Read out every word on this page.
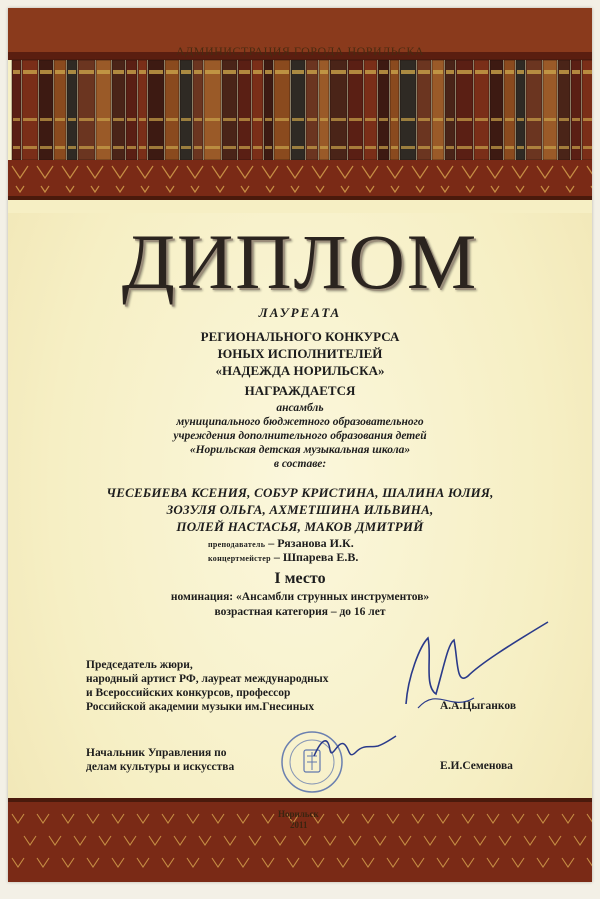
АДМИНИСТРАЦИЯ ГОРОДА НОРИЛЬСКА
ДИПЛОМ
ЛАУРЕАТА
РЕГИОНАЛЬНОГО КОНКУРСА
ЮНЫХ ИСПОЛНИТЕЛЕЙ
«НАДЕЖДА НОРИЛЬСКА»
НАГРАЖДАЕТСЯ
ансамбль
муниципального бюджетного образовательного
учреждения дополнительного образования детей
«Норильская детская музыкальная школа»
в составе:
ЧЕСЕБИЕВА КСЕНИЯ, СОБУР КРИСТИНА, ШАЛИНА ЮЛИЯ,
ЗОЗУЛЯ ОЛЬГА, АХМЕТШИНА ИЛЬВИНА,
ПОЛЕЙ НАСТАСЬЯ, МАКОВ ДМИТРИЙ
преподаватель – Рязанова И.К.
концертмейстер – Шпарева Е.В.
I место
номинация: «Ансамбли струнных инструментов»
возрастная категория – до 16 лет
Председатель жюри,
народный артист РФ, лауреат международных
и Всероссийских конкурсов, профессор
Российской академии музыки им.Гнесиных	А.А.Цыганков
Начальник Управления по
делам культуры и искусства	Е.И.Семенова
Норильск
2011
